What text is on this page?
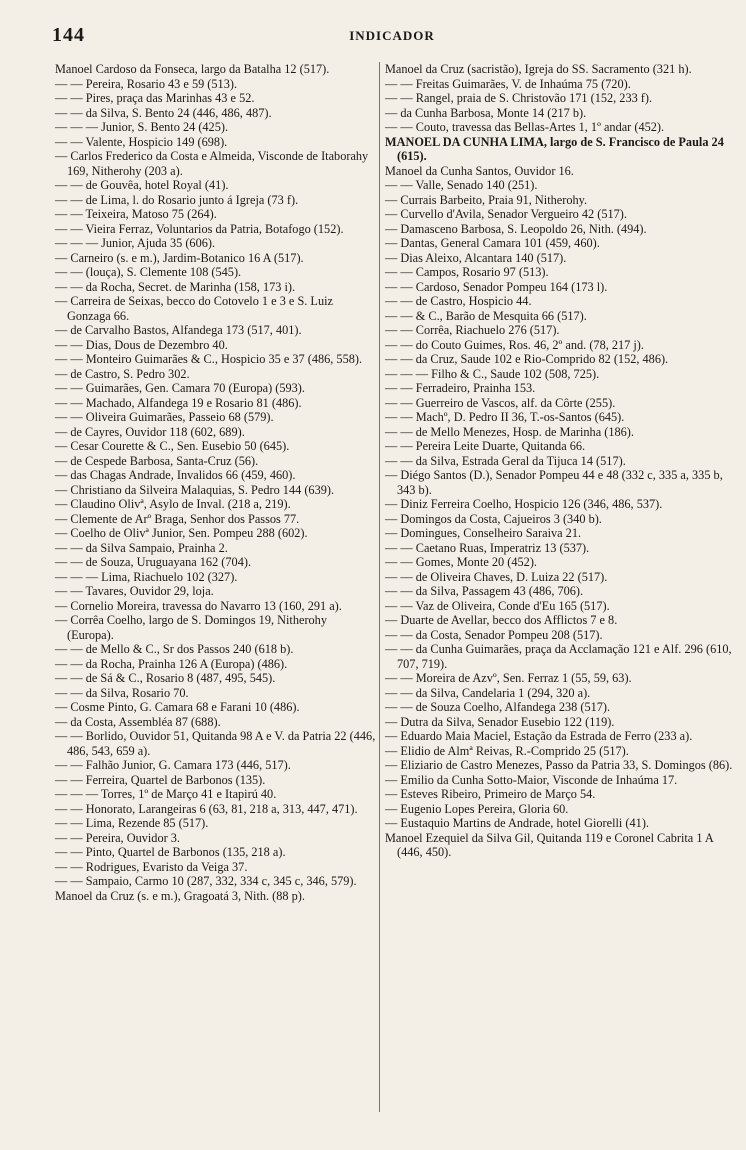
144	INDICADOR

Manoel Cardoso da Fonseca, largo da Batalha 12 (517).

— — Pereira, Rosario 43 e 59 (513).

— — Pires, praça das Marinhas 43 e 52.

— — da Silva, S. Bento 24 (446, 486, 487).

— — — Junior, S. Bento 24 (425).

— — Valente, Hospicio 149 (698).

— Carlos Frederico da Costa e Almeida, Visconde de Itaborahy 169, Nitherohy (203 a).

— — de Gouvêa, hotel Royal (41).

— — de Lima, l. do Rosario junto á Igreja (73 f).

— — Teixeira, Matoso 75 (264).

— — Vieira Ferraz, Voluntarios da Patria, Botafogo (152).

— — — Junior, Ajuda 35 (606).

— Carneiro (s. e m.), Jardim-Botanico 16 A (517).

— — (louça), S. Clemente 108 (545).

— — da Rocha, Secret. de Marinha (158, 173 i).

— Carreira de Seixas, becco do Cotovelo 1 e 3 e S. Luiz Gonzaga 66.

— de Carvalho Bastos, Alfandega 173 (517, 401).

— — Dias, Dous de Dezembro 40.

— — Monteiro Guimarães & C., Hospicio 35 e 37 (486, 558).

— de Castro, S. Pedro 302.

— — Guimarães, Gen. Camara 70 (Europa) (593).

— — Machado, Alfandega 19 e Rosario 81 (486).

— — Oliveira Guimarães, Passeio 68 (579).

— de Cayres, Ouvidor 118 (602, 689).

— Cesar Courette & C., Sen. Eusebio 50 (645).

— de Cespede Barbosa, Santa-Cruz (56).

— das Chagas Andrade, Invalidos 66 (459, 460).

— Christiano da Silveira Malaquias, S. Pedro 144 (639).

— Claudino Olivª, Asylo de Inval. (218 a, 219).

— Clemente de Arº Braga, Senhor dos Passos 77.

— Coelho de Olivª Junior, Sen. Pompeu 288 (602).

— — da Silva Sampaio, Prainha 2.

— — de Souza, Uruguayana 162 (704).

— — — Lima, Riachuelo 102 (327).

— — Tavares, Ouvidor 29, loja.

— Cornelio Moreira, travessa do Navarro 13 (160, 291 a).

— Corrêa Coelho, largo de S. Domingos 19, Nitherohy (Europa).

— — de Mello & C., Sr dos Passos 240 (618 b).

— — da Rocha, Prainha 126 A (Europa) (486).

— — de Sá & C., Rosario 8 (487, 495, 545).

— — da Silva, Rosario 70.

— Cosme Pinto, G. Camara 68 e Farani 10 (486).

— da Costa, Assembléa 87 (688).

— — Borlido, Ouvidor 51, Quitanda 98 A e V. da Patria 22 (446, 486, 543, 659 a).

— — Falhão Junior, G. Camara 173 (446, 517).

— — Ferreira, Quartel de Barbonos (135).

— — — Torres, 1º de Março 41 e Itapirú 40.

— — Honorato, Larangeiras 6 (63, 81, 218 a, 313, 447, 471).

— — Lima, Rezende 85 (517).

— — Pereira, Ouvidor 3.

— — Pinto, Quartel de Barbonos (135, 218 a).

— — Rodrigues, Evaristo da Veiga 37.

— — Sampaio, Carmo 10 (287, 332, 334 c, 345 c, 346, 579).

Manoel da Cruz (s. e m.), Gragoatá 3, Nith. (88 p).

Manoel da Cruz (sacristão), Igreja do SS. Sacramento (321 h).

— — Freitas Guimarães, V. de Inhaúma 75 (720).

— — Rangel, praia de S. Christovão 171 (152, 233 f).

— da Cunha Barbosa, Monte 14 (217 b).

— — Couto, travessa das Bellas-Artes 1, 1º andar (452).

MANOEL DA CUNHA LIMA, largo de S. Francisco de Paula 24 (615).

Manoel da Cunha Santos, Ouvidor 16.

— — Valle, Senado 140 (251).

— Currais Barbeito, Praia 91, Nitherohy.

— Curvello d'Avila, Senador Vergueiro 42 (517).

— Damasceno Barbosa, S. Leopoldo 26, Nith. (494).

— Dantas, General Camara 101 (459, 460).

— Dias Aleixo, Alcantara 140 (517).

— — Campos, Rosario 97 (513).

— — Cardoso, Senador Pompeu 164 (173 l).

— — de Castro, Hospicio 44.

— — & C., Barão de Mesquita 66 (517).

— — Corrêa, Riachuelo 276 (517).

— — do Couto Guimes, Ros. 46, 2º and. (78, 217 j).

— — da Cruz, Saude 102 e Rio-Comprido 82 (152, 486).

— — — Filho & C., Saude 102 (508, 725).

— — Ferradeiro, Prainha 153.

— — Guerreiro de Vascos, alf. da Côrte (255).

— — Machº, D. Pedro II 36, T.-os-Santos (645).

— — de Mello Menezes, Hosp. de Marinha (186).

— — Pereira Leite Duarte, Quitanda 66.

— — da Silva, Estrada Geral da Tijuca 14 (517).

— Diégo Santos (D.), Senador Pompeu 44 e 48 (332 c, 335 a, 335 b, 343 b).

— Diniz Ferreira Coelho, Hospicio 126 (346, 486, 537).

— Domingos da Costa, Cajueiros 3 (340 b).

— Domingues, Conselheiro Saraiva 21.

— — Caetano Ruas, Imperatriz 13 (537).

— — Gomes, Monte 20 (452).

— — de Oliveira Chaves, D. Luiza 22 (517).

— — da Silva, Passagem 43 (486, 706).

— — Vaz de Oliveira, Conde d'Eu 165 (517).

— Duarte de Avellar, becco dos Afflictos 7 e 8.

— — da Costa, Senador Pompeu 208 (517).

— — da Cunha Guimarães, praça da Acclamação 121 e Alf. 296 (610, 707, 719).

— — Moreira de Azvº, Sen. Ferraz 1 (55, 59, 63).

— — da Silva, Candelaria 1 (294, 320 a).

— — de Souza Coelho, Alfandega 238 (517).

— Dutra da Silva, Senador Eusebio 122 (119).

— Eduardo Maia Maciel, Estação da Estrada de Ferro (233 a).

— Elidio de Almª Reivas, R.-Comprido 25 (517).

— Eliziario de Castro Menezes, Passo da Patria 33, S. Domingos (86).

— Emilio da Cunha Sotto-Maior, Visconde de Inhaúma 17.

— Esteves Ribeiro, Primeiro de Março 54.

— Eugenio Lopes Pereira, Gloria 60.

— Eustaquio Martins de Andrade, hotel Giorelli (41).

Manoel Ezequiel da Silva Gil, Quitanda 119 e Coronel Cabrita 1 A (446, 450).
